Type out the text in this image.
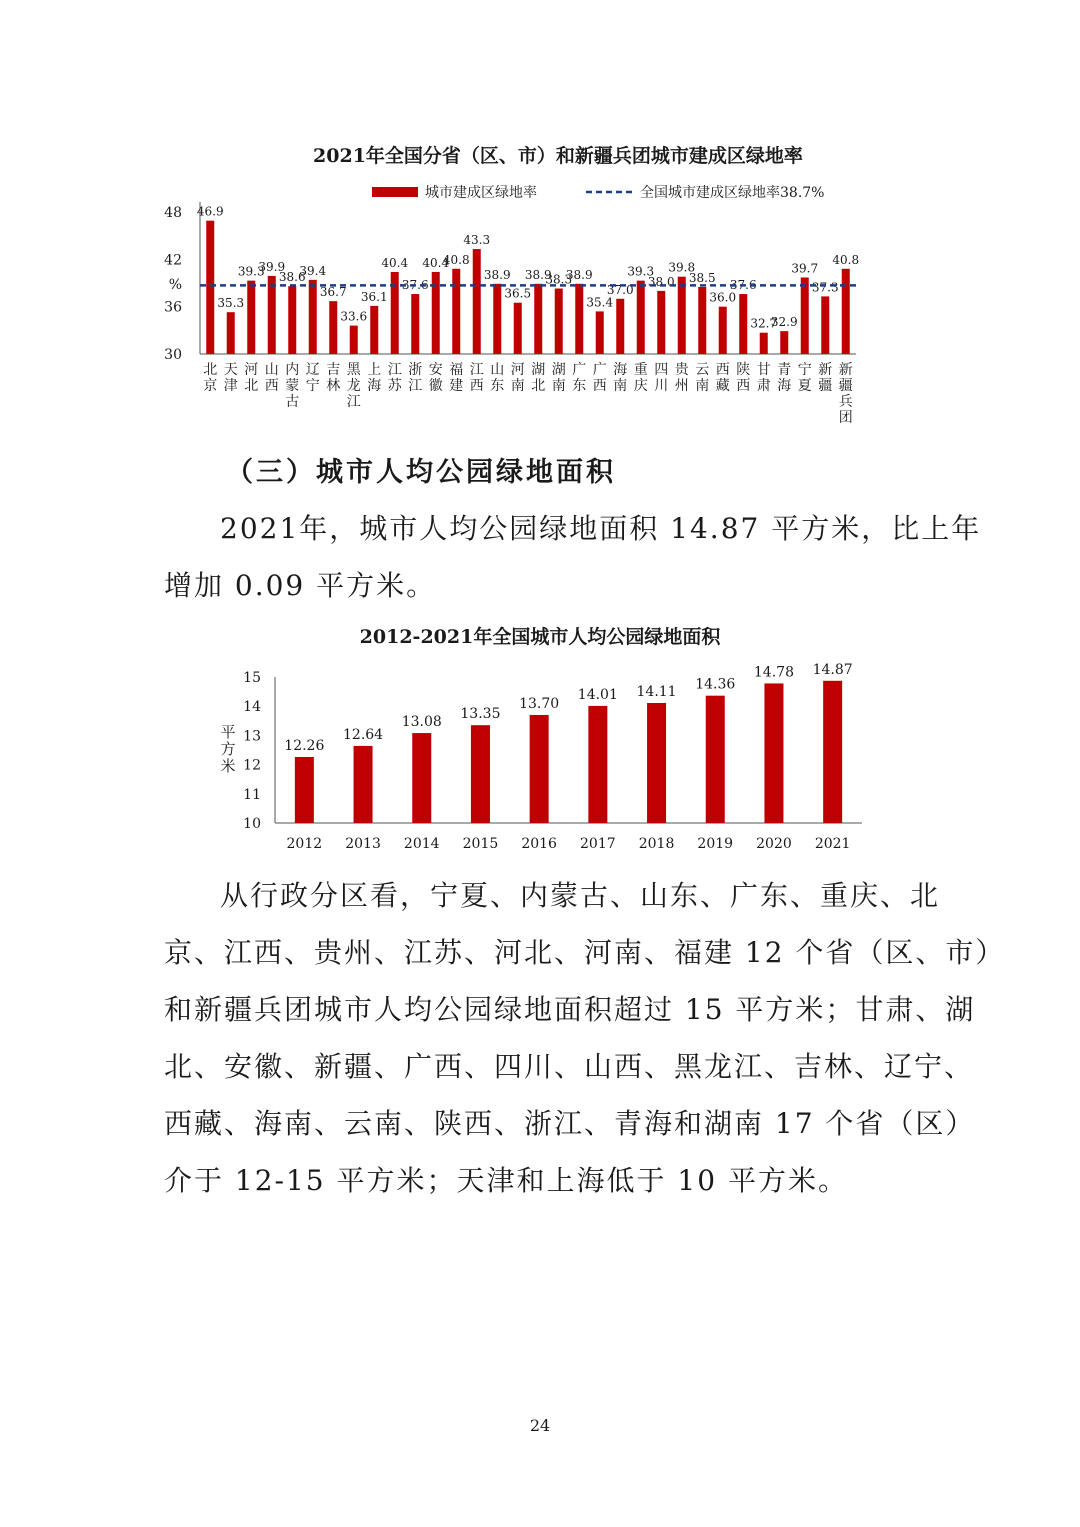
2021年全国分省（区、市）和新疆兵团城市建成区绿地率
30
36
42
48
%
城市建成区绿地率	全国城市建成区绿地率38.7%
46.9
北
京
35.3
天
津
39.3
河
北
39.9
山
西
38.6
内
蒙
古
39.4
辽
宁
36.7
吉
林
33.6
黑
龙
江
36.1
上
海
40.4
江
苏
37.6
浙
江
40.4
安
徽
40.8
福
建
43.3
江
西
38.9
山
东
36.5
河
南
38.9
湖
北
38.3
湖
南
38.9
广
东
35.4
广
西
37.0
海
南
39.3
重
庆
38.0
四
川
39.8
贵
州
38.5
云
南
36.0
西
藏
37.6
陕
西
32.7
甘
肃
32.9
青
海
39.7
宁
夏
37.3
新
疆
40.8
新
疆
兵
团
（三）城市人均公园绿地面积
2021年，城市人均公园绿地面积 14.87 平方米，比上年
增加 0.09 平方米。
2012-2021年全国城市人均公园绿地面积
10
11
12
13
14
15
平
方
米
12.26
2012
12.64
2013
13.08
2014
13.35
2015
13.70
2016
14.01
2017
14.11
2018
14.36
2019
14.78
2020
14.87
2021
从行政分区看，宁夏、内蒙古、山东、广东、重庆、北
京、江西、贵州、江苏、河北、河南、福建 12 个省（区、市）
和新疆兵团城市人均公园绿地面积超过 15 平方米；甘肃、湖
北、安徽、新疆、广西、四川、山西、黑龙江、吉林、辽宁、
西藏、海南、云南、陕西、浙江、青海和湖南 17 个省（区）
介于 12-15 平方米；天津和上海低于 10 平方米。
24
